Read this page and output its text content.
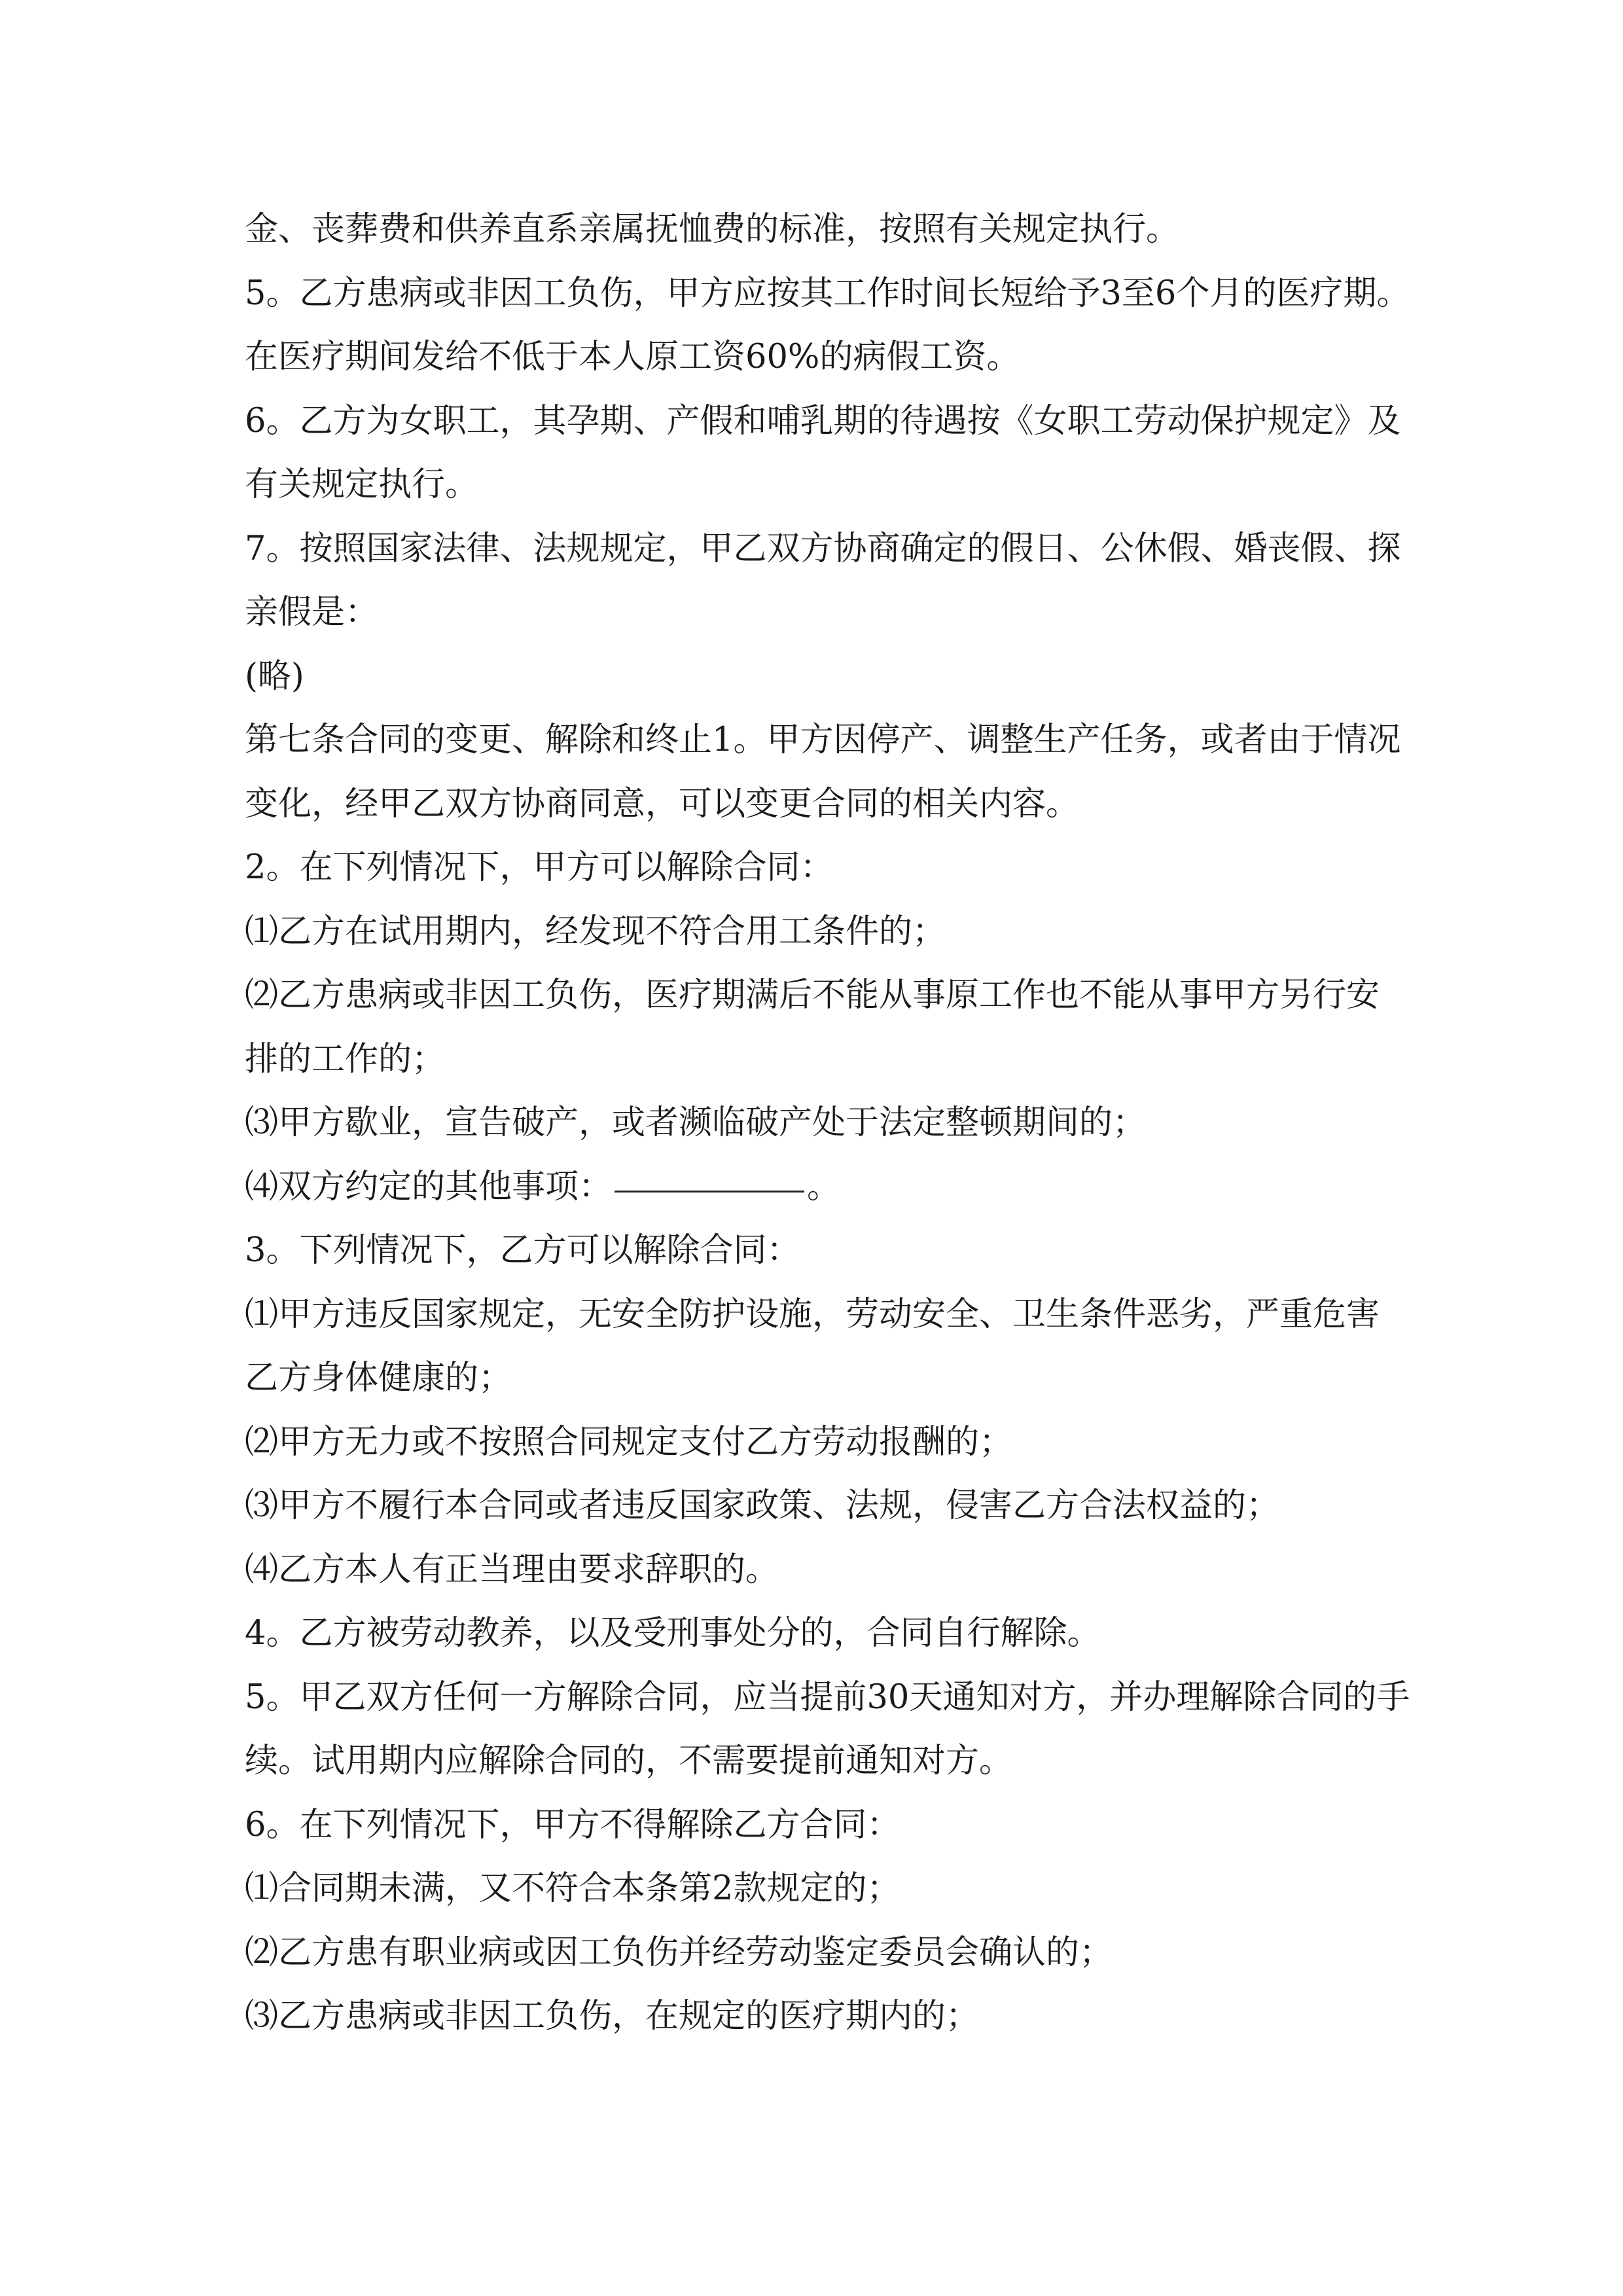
金、丧葬费和供养直系亲属抚恤费的标准，按照有关规定执行。
5。乙方患病或非因工负伤，甲方应按其工作时间长短给予3至6个月的医疗期。
在医疗期间发给不低于本人原工资60%的病假工资。
6。乙方为女职工，其孕期、产假和哺乳期的待遇按《女职工劳动保护规定》及
有关规定执行。
7。按照国家法律、法规规定，甲乙双方协商确定的假日、公休假、婚丧假、探
亲假是：
(略)
第七条合同的变更、解除和终止1。甲方因停产、调整生产任务，或者由于情况
变化，经甲乙双方协商同意，可以变更合同的相关内容。
2。在下列情况下，甲方可以解除合同：
⑴乙方在试用期内，经发现不符合用工条件的；
⑵乙方患病或非因工负伤，医疗期满后不能从事原工作也不能从事甲方另行安
排的工作的；
⑶甲方歇业，宣告破产，或者濒临破产处于法定整顿期间的；
⑷双方约定的其他事项：	。
3。下列情况下，乙方可以解除合同：
⑴甲方违反国家规定，无安全防护设施，劳动安全、卫生条件恶劣，严重危害
乙方身体健康的；
⑵甲方无力或不按照合同规定支付乙方劳动报酬的；
⑶甲方不履行本合同或者违反国家政策、法规，侵害乙方合法权益的；
⑷乙方本人有正当理由要求辞职的。
4。乙方被劳动教养，以及受刑事处分的，合同自行解除。
5。甲乙双方任何一方解除合同，应当提前30天通知对方，并办理解除合同的手
续。试用期内应解除合同的，不需要提前通知对方。
6。在下列情况下，甲方不得解除乙方合同：
⑴合同期未满，又不符合本条第2款规定的；
⑵乙方患有职业病或因工负伤并经劳动鉴定委员会确认的；
⑶乙方患病或非因工负伤，在规定的医疗期内的；
